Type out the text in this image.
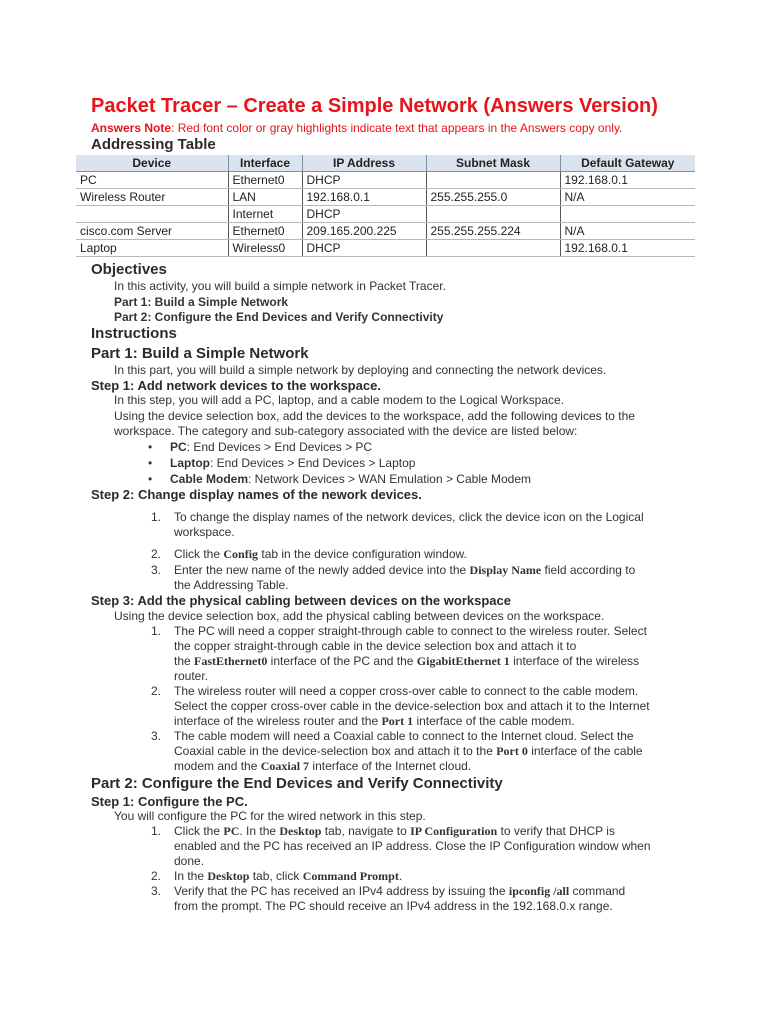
Packet Tracer – Create a Simple Network (Answers Version)
Answers Note: Red font color or gray highlights indicate text that appears in the Answers copy only.
Addressing Table
Device	Interface	IP Address	Subnet Mask	Default Gateway
PC	Ethernet0	DHCP		192.168.0.1
Wireless Router	LAN	192.168.0.1	255.255.255.0	N/A
	Internet	DHCP		
cisco.com Server	Ethernet0	209.165.200.225	255.255.255.224	N/A
Laptop	Wireless0	DHCP		192.168.0.1
Objectives
In this activity, you will build a simple network in Packet Tracer.
Part 1: Build a Simple Network
Part 2: Configure the End Devices and Verify Connectivity
Instructions
Part 1: Build a Simple Network
In this part, you will build a simple network by deploying and connecting the network devices.
Step 1: Add network devices to the workspace.
In this step, you will add a PC, laptop, and a cable modem to the Logical Workspace.
Using the device selection box, add the devices to the workspace, add the following devices to the
workspace. The category and sub-category associated with the device are listed below:
• PC: End Devices > End Devices > PC
• Laptop: End Devices > End Devices > Laptop
• Cable Modem: Network Devices > WAN Emulation > Cable Modem
Step 2: Change display names of the nework devices.
1. To change the display names of the network devices, click the device icon on the Logical
workspace.
2. Click the Config tab in the device configuration window.
3. Enter the new name of the newly added device into the Display Name field according to
the Addressing Table.
Step 3: Add the physical cabling between devices on the workspace
Using the device selection box, add the physical cabling between devices on the workspace.
1. The PC will need a copper straight-through cable to connect to the wireless router. Select
the copper straight-through cable in the device selection box and attach it to
the FastEthernet0 interface of the PC and the GigabitEthernet 1 interface of the wireless
router.
2. The wireless router will need a copper cross-over cable to connect to the cable modem.
Select the copper cross-over cable in the device-selection box and attach it to the Internet
interface of the wireless router and the Port 1 interface of the cable modem.
3. The cable modem will need a Coaxial cable to connect to the Internet cloud. Select the
Coaxial cable in the device-selection box and attach it to the Port 0 interface of the cable
modem and the Coaxial 7 interface of the Internet cloud.
Part 2: Configure the End Devices and Verify Connectivity
Step 1: Configure the PC.
You will configure the PC for the wired network in this step.
1. Click the PC. In the Desktop tab, navigate to IP Configuration to verify that DHCP is
enabled and the PC has received an IP address. Close the IP Configuration window when
done.
2. In the Desktop tab, click Command Prompt.
3. Verify that the PC has received an IPv4 address by issuing the ipconfig /all command
from the prompt. The PC should receive an IPv4 address in the 192.168.0.x range.
